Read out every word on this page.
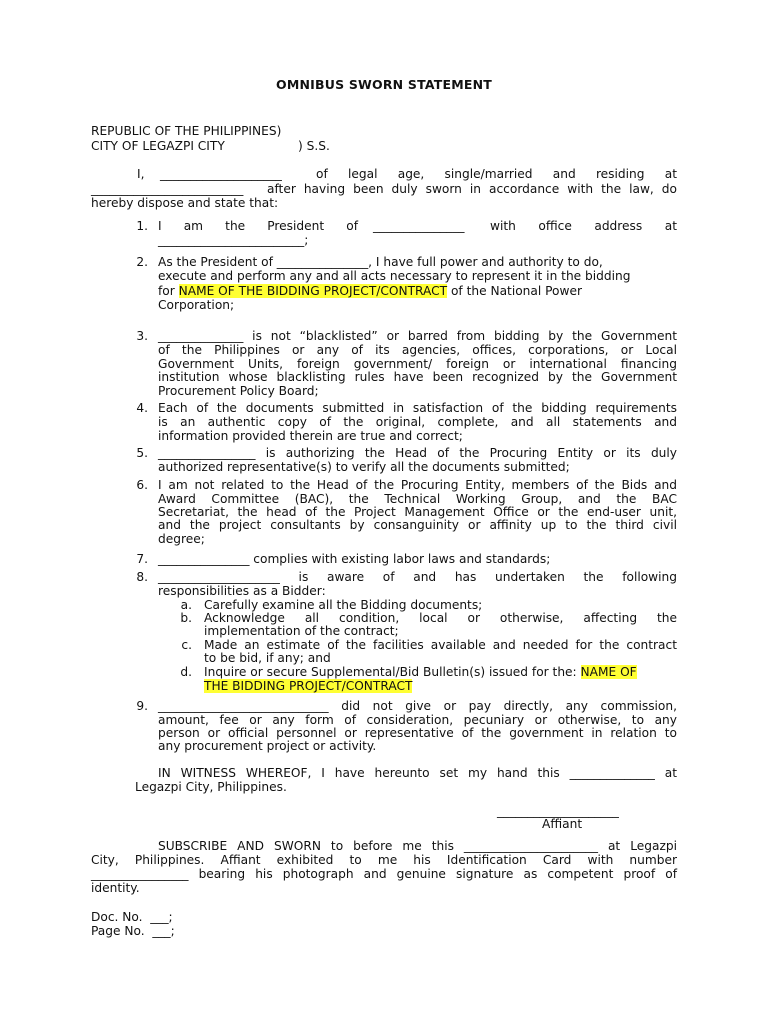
OMNIBUS SWORN STATEMENT
REPUBLIC OF THE PHILIPPINES)
CITY OF LEGAZPI CITY	) S.S.
I, ____________________	of legal age, single/married and residing at
_________________________ after having been duly sworn in accordance with the law, do
hereby dispose and state that:
1. I am the President of _______________ with office address at
________________________;
2. As the President of _______________, I have full power and authority to do,
execute and perform any and all acts necessary to represent it in the bidding
for NAME OF THE BIDDING PROJECT/CONTRACT of the National Power
Corporation;
3. ______________ is not “blacklisted” or barred from bidding by the Government
of the Philippines or any of its agencies, offices, corporations, or Local
Government Units, foreign government/ foreign or international financing
institution whose blacklisting rules have been recognized by the Government
Procurement Policy Board;
4. Each of the documents submitted in satisfaction of the bidding requirements
is an authentic copy of the original, complete, and all statements and
information provided therein are true and correct;
5. ________________ is authorizing the Head of the Procuring Entity or its duly
authorized representative(s) to verify all the documents submitted;
6. I am not related to the Head of the Procuring Entity, members of the Bids and
Award Committee (BAC), the Technical Working Group, and the BAC
Secretariat, the head of the Project Management Office or the end-user unit,
and the project consultants by consanguinity or affinity up to the third civil
degree;
7. _______________ complies with existing labor laws and standards;
8. ____________________ is aware of and has undertaken the following
responsibilities as a Bidder:
a. Carefully examine all the Bidding documents;
b. Acknowledge all condition, local or otherwise, affecting the
implementation of the contract;
c. Made an estimate of the facilities available and needed for the contract
to be bid, if any; and
d. Inquire or secure Supplemental/Bid Bulletin(s) issued for the: NAME OF
THE BIDDING PROJECT/CONTRACT
9. ____________________________ did not give or pay directly, any commission,
amount, fee or any form of consideration, pecuniary or otherwise, to any
person or official personnel or representative of the government in relation to
any procurement project or activity.
IN WITNESS WHEREOF, I have hereunto set my hand this ______________ at
Legazpi City, Philippines.
____________________
Affiant
SUBSCRIBE AND SWORN to before me this ______________________ at Legazpi
City, Philippines. Affiant exhibited to me his Identification Card with number
________________ bearing his photograph and genuine signature as competent proof of
identity.
Doc. No.  ___;
Page No.  ___;
